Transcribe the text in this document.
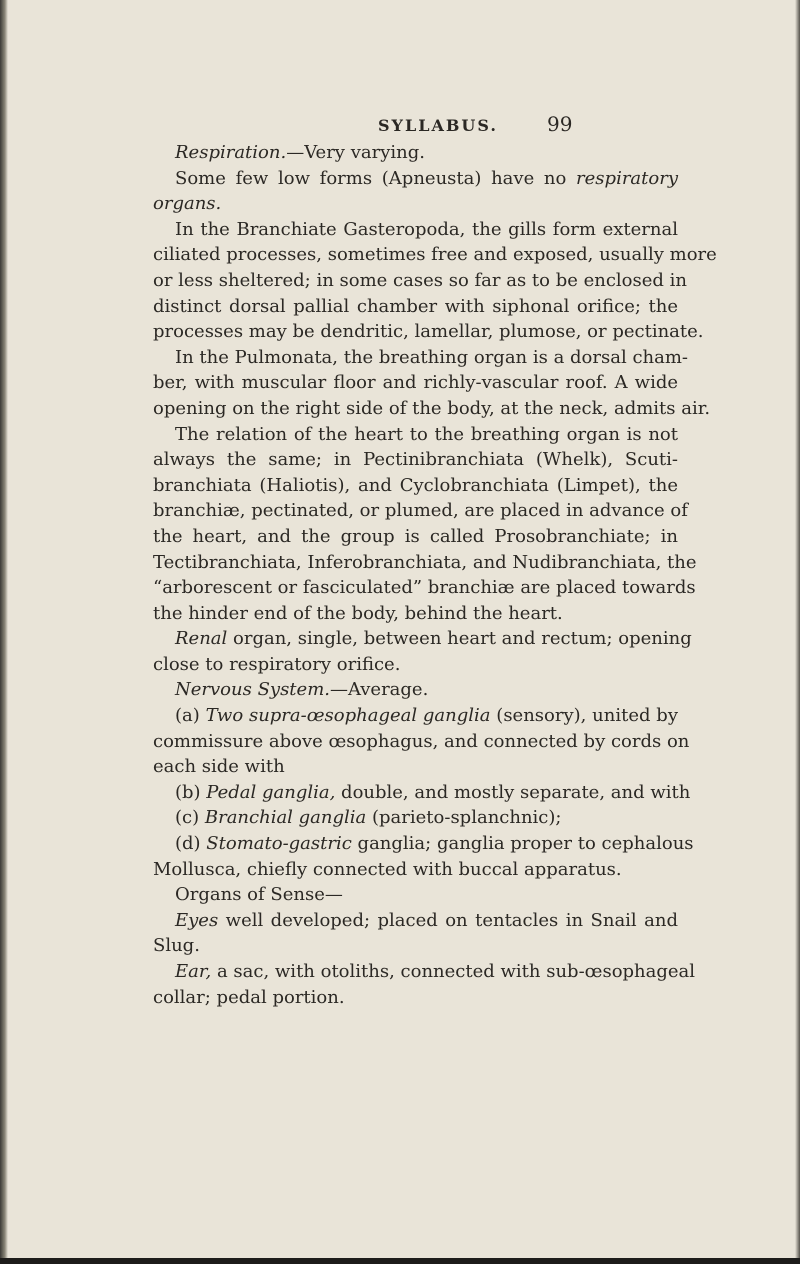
SYLLABUS. 99
Respiration.—Very varying.
Some few low forms (Apneusta) have no respiratory
organs.
In the Branchiate Gasteropoda, the gills form external
ciliated processes, sometimes free and exposed, usually more
or less sheltered; in some cases so far as to be enclosed in
distinct dorsal pallial chamber with siphonal orifice; the
processes may be dendritic, lamellar, plumose, or pectinate.
In the Pulmonata, the breathing organ is a dorsal cham-
ber, with muscular floor and richly-vascular roof. A wide
opening on the right side of the body, at the neck, admits air.
The relation of the heart to the breathing organ is not
always the same; in Pectinibranchiata (Whelk), Scuti-
branchiata (Haliotis), and Cyclobranchiata (Limpet), the
branchiæ, pectinated, or plumed, are placed in advance of
the heart, and the group is called Prosobranchiate; in
Tectibranchiata, Inferobranchiata, and Nudibranchiata, the
“arborescent or fasciculated” branchiæ are placed towards
the hinder end of the body, behind the heart.
Renal organ, single, between heart and rectum; opening
close to respiratory orifice.
Nervous System.—Average.
(a) Two supra-œsophageal ganglia (sensory), united by
commissure above œsophagus, and connected by cords on
each side with
(b) Pedal ganglia, double, and mostly separate, and with
(c) Branchial ganglia (parieto-splanchnic);
(d) Stomato-gastric ganglia; ganglia proper to cephalous
Mollusca, chiefly connected with buccal apparatus.
Organs of Sense—
Eyes well developed; placed on tentacles in Snail and
Slug.
Ear, a sac, with otoliths, connected with sub-œsophageal
collar; pedal portion.
